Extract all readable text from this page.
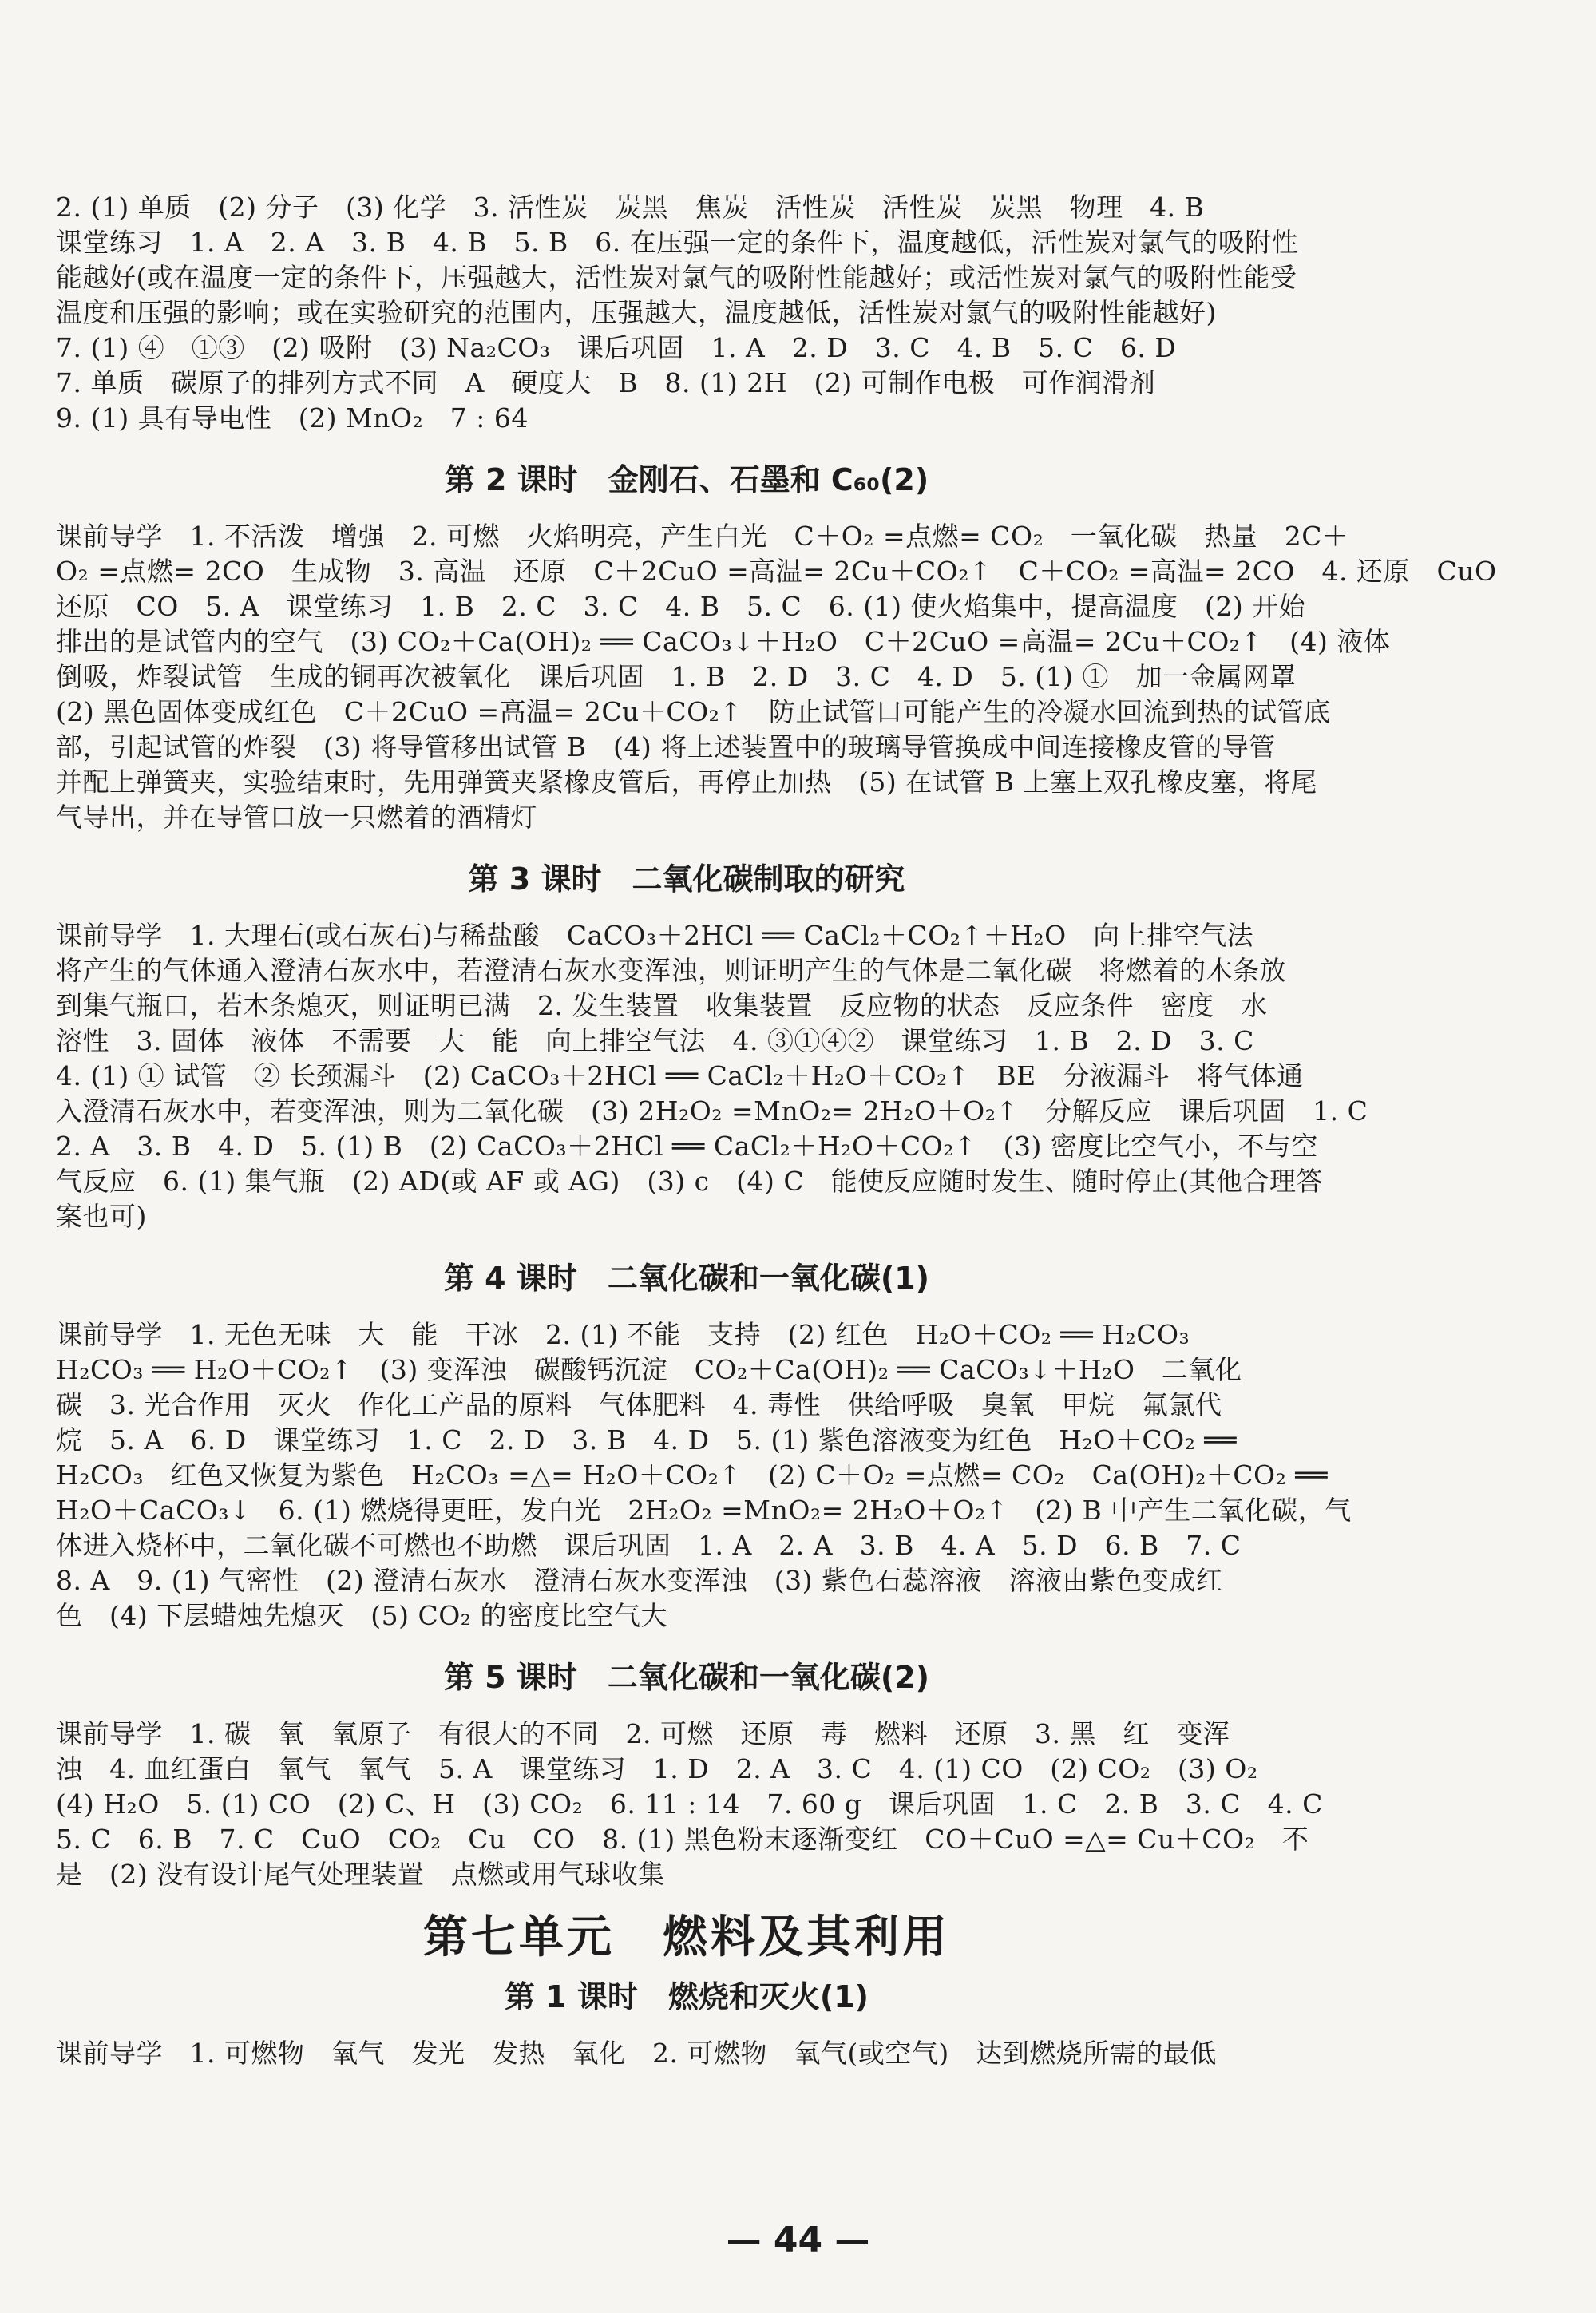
2. (1) 单质　(2) 分子　(3) 化学　3. 活性炭　炭黑　焦炭　活性炭　活性炭　炭黑　物理　4. B

课堂练习　1. A　2. A　3. B　4. B　5. B　6. 在压强一定的条件下，温度越低，活性炭对氯气的吸附性

能越好(或在温度一定的条件下，压强越大，活性炭对氯气的吸附性能越好；或活性炭对氯气的吸附性能受

温度和压强的影响；或在实验研究的范围内，压强越大，温度越低，活性炭对氯气的吸附性能越好)

7. (1) ④　①③　(2) 吸附　(3) Na₂CO₃　课后巩固　1. A　2. D　3. C　4. B　5. C　6. D

7. 单质　碳原子的排列方式不同　A　硬度大　B　8. (1) 2H　(2) 可制作电极　可作润滑剂

9. (1) 具有导电性　(2) MnO₂　7 : 64

第 2 课时　金刚石、石墨和 C₆₀(2)

课前导学　1. 不活泼　增强　2. 可燃　火焰明亮，产生白光　C＋O₂ =点燃= CO₂　一氧化碳　热量　2C＋

O₂ =点燃= 2CO　生成物　3. 高温　还原　C＋2CuO =高温= 2Cu＋CO₂↑　C＋CO₂ =高温= 2CO　4. 还原　CuO

还原　CO　5. A　课堂练习　1. B　2. C　3. C　4. B　5. C　6. (1) 使火焰集中，提高温度　(2) 开始

排出的是试管内的空气　(3) CO₂＋Ca(OH)₂ ══ CaCO₃↓＋H₂O　C＋2CuO =高温= 2Cu＋CO₂↑　(4) 液体

倒吸，炸裂试管　生成的铜再次被氧化　课后巩固　1. B　2. D　3. C　4. D　5. (1) ①　加一金属网罩

(2) 黑色固体变成红色　C＋2CuO =高温= 2Cu＋CO₂↑　防止试管口可能产生的冷凝水回流到热的试管底

部，引起试管的炸裂　(3) 将导管移出试管 B　(4) 将上述装置中的玻璃导管换成中间连接橡皮管的导管

并配上弹簧夹，实验结束时，先用弹簧夹紧橡皮管后，再停止加热　(5) 在试管 B 上塞上双孔橡皮塞，将尾

气导出，并在导管口放一只燃着的酒精灯

第 3 课时　二氧化碳制取的研究

课前导学　1. 大理石(或石灰石)与稀盐酸　CaCO₃＋2HCl ══ CaCl₂＋CO₂↑＋H₂O　向上排空气法

将产生的气体通入澄清石灰水中，若澄清石灰水变浑浊，则证明产生的气体是二氧化碳　将燃着的木条放

到集气瓶口，若木条熄灭，则证明已满　2. 发生装置　收集装置　反应物的状态　反应条件　密度　水

溶性　3. 固体　液体　不需要　大　能　向上排空气法　4. ③①④②　课堂练习　1. B　2. D　3. C

4. (1) ① 试管　② 长颈漏斗　(2) CaCO₃＋2HCl ══ CaCl₂＋H₂O＋CO₂↑　BE　分液漏斗　将气体通

入澄清石灰水中，若变浑浊，则为二氧化碳　(3) 2H₂O₂ =MnO₂= 2H₂O＋O₂↑　分解反应　课后巩固　1. C

2. A　3. B　4. D　5. (1) B　(2) CaCO₃＋2HCl ══ CaCl₂＋H₂O＋CO₂↑　(3) 密度比空气小，不与空

气反应　6. (1) 集气瓶　(2) AD(或 AF 或 AG)　(3) c　(4) C　能使反应随时发生、随时停止(其他合理答

案也可)

第 4 课时　二氧化碳和一氧化碳(1)

课前导学　1. 无色无味　大　能　干冰　2. (1) 不能　支持　(2) 红色　H₂O＋CO₂ ══ H₂CO₃

H₂CO₃ ══ H₂O＋CO₂↑　(3) 变浑浊　碳酸钙沉淀　CO₂＋Ca(OH)₂ ══ CaCO₃↓＋H₂O　二氧化

碳　3. 光合作用　灭火　作化工产品的原料　气体肥料　4. 毒性　供给呼吸　臭氧　甲烷　氟氯代

烷　5. A　6. D　课堂练习　1. C　2. D　3. B　4. D　5. (1) 紫色溶液变为红色　H₂O＋CO₂ ══

H₂CO₃　红色又恢复为紫色　H₂CO₃ =△= H₂O＋CO₂↑　(2) C＋O₂ =点燃= CO₂　Ca(OH)₂＋CO₂ ══

H₂O＋CaCO₃↓　6. (1) 燃烧得更旺，发白光　2H₂O₂ =MnO₂= 2H₂O＋O₂↑　(2) B 中产生二氧化碳，气

体进入烧杯中，二氧化碳不可燃也不助燃　课后巩固　1. A　2. A　3. B　4. A　5. D　6. B　7. C

8. A　9. (1) 气密性　(2) 澄清石灰水　澄清石灰水变浑浊　(3) 紫色石蕊溶液　溶液由紫色变成红

色　(4) 下层蜡烛先熄灭　(5) CO₂ 的密度比空气大

第 5 课时　二氧化碳和一氧化碳(2)

课前导学　1. 碳　氧　氧原子　有很大的不同　2. 可燃　还原　毒　燃料　还原　3. 黑　红　变浑

浊　4. 血红蛋白　氧气　氧气　5. A　课堂练习　1. D　2. A　3. C　4. (1) CO　(2) CO₂　(3) O₂

(4) H₂O　5. (1) CO　(2) C、H　(3) CO₂　6. 11 : 14　7. 60 g　课后巩固　1. C　2. B　3. C　4. C

5. C　6. B　7. C　CuO　CO₂　Cu　CO　8. (1) 黑色粉末逐渐变红　CO＋CuO =△= Cu＋CO₂　不

是　(2) 没有设计尾气处理装置　点燃或用气球收集

第七单元　燃料及其利用
第 1 课时　燃烧和灭火(1)

课前导学　1. 可燃物　氧气　发光　发热　氧化　2. 可燃物　氧气(或空气)　达到燃烧所需的最低

— 44 —
